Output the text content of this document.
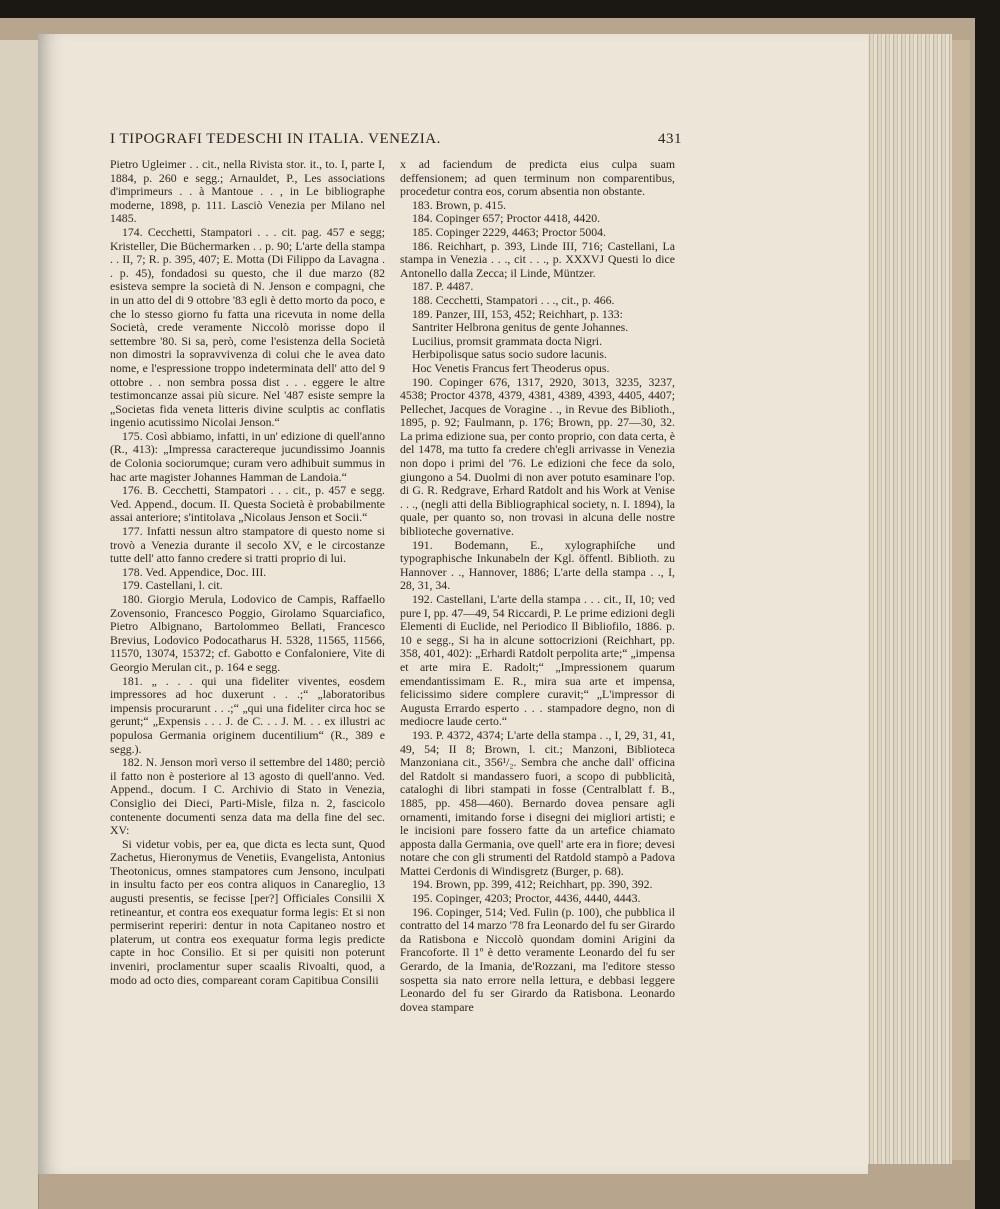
I TIPOGRAFI TEDESCHI IN ITALIA. VENEZIA.	431

Pietro Ugleimer . . cit., nella Rivista stor. it., to. I, parte I, 1884, p. 260 e segg.; Arnauldet, P., Les associations d'imprimeurs . . à Mantoue . . , in Le bibliographe moderne, 1898, p. 111. Lasciò Venezia per Milano nel 1485.

174. Cecchetti, Stampatori . . . cit. pag. 457 e segg; Kristeller, Die Büchermarken . . p. 90; L'arte della stampa . . II, 7; R. p. 395, 407; E. Motta (Di Filippo da Lavagna . . p. 45), fondadosi su questo, che il due marzo (82 esisteva sempre la società di N. Jenson e compagni, che in un atto del di 9 ottobre '83 egli è detto morto da poco, e che lo stesso giorno fu fatta una ricevuta in nome della Società, crede veramente Niccolò morisse dopo il settembre '80. Si sa, però, come l'esistenza della Società non dimostri la sopravvivenza di colui che le avea dato nome, e l'espressione troppo indeterminata dell' atto del 9 ottobre . . non sembra possa dist . . . eggere le altre testimoncanze assai più sicure. Nel '487 esiste sempre la „Societas fida veneta litteris divine sculptis ac conflatis ingenio acutissimo Nicolai Jenson.“

175. Così abbiamo, infatti, in un' edizione di quell'anno (R., 413): „Impressa caractereque jucundissimo Joannis de Colonia sociorumque; curam vero adhibuit summus in hac arte magister Johannes Hamman de Landoia.“

176. B. Cecchetti, Stampatori . . . cit., p. 457 e segg. Ved. Append., docum. II. Questa Società è probabilmente assai anteriore; s'intitolava „Nicolaus Jenson et Socii.“

177. Infatti nessun altro stampatore di questo nome si trovò a Venezia durante il secolo XV, e le circostanze tutte dell' atto fanno credere si tratti proprio di lui.

178. Ved. Appendice, Doc. III.

179. Castellani, l. cit.

180. Giorgio Merula, Lodovico de Campis, Raffaello Zovensonio, Francesco Poggio, Girolamo Squarciafico, Pietro Albignano, Bartolommeo Bellati, Francesco Brevius, Lodovico Podocatharus H. 5328, 11565, 11566, 11570, 13074, 15372; cf. Gabotto e Confaloniere, Vite di Georgio Merulan cit., p. 164 e segg.

181. „ . . . qui una fideliter viventes, eosdem impressores ad hoc duxerunt . . .;“ „laboratoribus impensis procurarunt . . .;“ „qui una fideliter circa hoc se gerunt;“ „Expensis . . . J. de C. . . J. M. . . ex illustri ac populosa Germania originem ducentilium“ (R., 389 e segg.).

182. N. Jenson morì verso il settembre del 1480; perciò il fatto non è posteriore al 13 agosto di quell'anno. Ved. Append., docum. I C. Archivio di Stato in Venezia, Consiglio dei Dieci, Parti-Misle, filza n. 2, fascicolo contenente documenti senza data ma della fine del sec. XV:

Si videtur vobis, per ea, que dicta es lecta sunt, Quod Zachetus, Hieronymus de Venetiis, Evangelista, Antonius Theotonicus, omnes stampatores cum Jensono, inculpati in insultu facto per eos contra aliquos in Canareglio, 13 augusti presentis, se fecisse [per?] Officiales Consilii X retineantur, et contra eos exequatur forma legis: Et si non permiserint reperiri: dentur in nota Capitaneo nostro et platerum, ut contra eos exequatur forma legis predicte capte in hoc Consilio. Et si per quisiti non poterunt inveniri, proclamentur super scaalis Rivoalti, quod, a modo ad octo dies, compareant coram Capitibua Consilii

x ad faciendum de predicta eius culpa suam deffensionem; ad quen terminum non comparentibus, procedetur contra eos, corum absentia non obstante.

183. Brown, p. 415.

184. Copinger 657; Proctor 4418, 4420.

185. Copinger 2229, 4463; Proctor 5004.

186. Reichhart, p. 393, Linde III, 716; Castellani, La stampa in Venezia . . ., cit . . ., p. XXXVJ Questi lo dice Antonello dalla Zecca; il Linde, Müntzer.

187. P. 4487.

188. Cecchetti, Stampatori . . ., cit., p. 466.

189. Panzer, III, 153, 452; Reichhart, p. 133:

Santriter Helbrona genitus de gente Johannes.

Lucilius, promsit grammata docta Nigri.

Herbipolisque satus socio sudore lacunis.

Hoc Venetis Francus fert Theoderus opus.

190. Copinger 676, 1317, 2920, 3013, 3235, 3237, 4538; Proctor 4378, 4379, 4381, 4389, 4393, 4405, 4407; Pellechet, Jacques de Voragine . ., in Revue des Biblioth., 1895, p. 92; Faulmann, p. 176; Brown, pp. 27—30, 32. La prima edizione sua, per conto proprio, con data certa, è del 1478, ma tutto fa credere ch'egli arrivasse in Venezia non dopo i primi del '76. Le edizioni che fece da solo, giungono a 54. Duolmi di non aver potuto esaminare l'op. di G. R. Redgrave, Erhard Ratdolt and his Work at Venise . . ., (negli atti della Bibliographical society, n. I. 1894), la quale, per quanto so, non trovasi in alcuna delle nostre biblioteche governative.

191. Bodemann, E., xylographiſche und typographische Inkunabeln der Kgl. öffentl. Biblioth. zu Hannover . ., Hannover, 1886; L'arte della stampa . ., I, 28, 31, 34.

192. Castellani, L'arte della stampa . . . cit., II, 10; ved pure I, pp. 47—49, 54 Riccardi, P. Le prime edizioni degli Elementi di Euclide, nel Periodico Il Bibliofilo, 1886. p. 10 e segg., Si ha in alcune sottocrizioni (Reichhart, pp. 358, 401, 402): „Erhardi Ratdolt perpolita arte;“ „impensa et arte mira E. Radolt;“ „Impressionem quarum emendantissimam E. R., mira sua arte et impensa, felicissimo sidere complere curavit;“ „L'impressor di Augusta Errardo esperto . . . stampadore degno, non di mediocre laude certo.“

193. P. 4372, 4374; L'arte della stampa . ., I, 29, 31, 41, 49, 54; II 8; Brown, l. cit.; Manzoni, Biblioteca Manzoniana cit., 356¹/₂. Sembra che anche dall' officina del Ratdolt si mandassero fuori, a scopo di pubblicità, cataloghi di libri stampati in fosse (Centralblatt f. B., 1885, pp. 458—460). Bernardo dovea pensare agli ornamenti, imitando forse i disegni dei migliori artisti; e le incisioni pare fossero fatte da un artefice chiamato apposta dalla Germania, ove quell' arte era in fiore; devesi notare che con gli strumenti del Ratdold stampò a Padova Mattei Cerdonis di Windisgretz (Burger, p. 68).

194. Brown, pp. 399, 412; Reichhart, pp. 390, 392.

195. Copinger, 4203; Proctor, 4436, 4440, 4443.

196. Copinger, 514; Ved. Fulin (p. 100), che pubblica il contratto del 14 marzo '78 fra Leonardo del fu ser Girardo da Ratisbona e Niccolò quondam domini Arigini da Francoforte. Il 1º è detto veramente Leonardo del fu ser Gerardo, de la Imania, de'Rozzani, ma l'editore stesso sospetta sia nato errore nella lettura, e debbasi leggere Leonardo del fu ser Girardo da Ratisbona. Leonardo dovea stampare
